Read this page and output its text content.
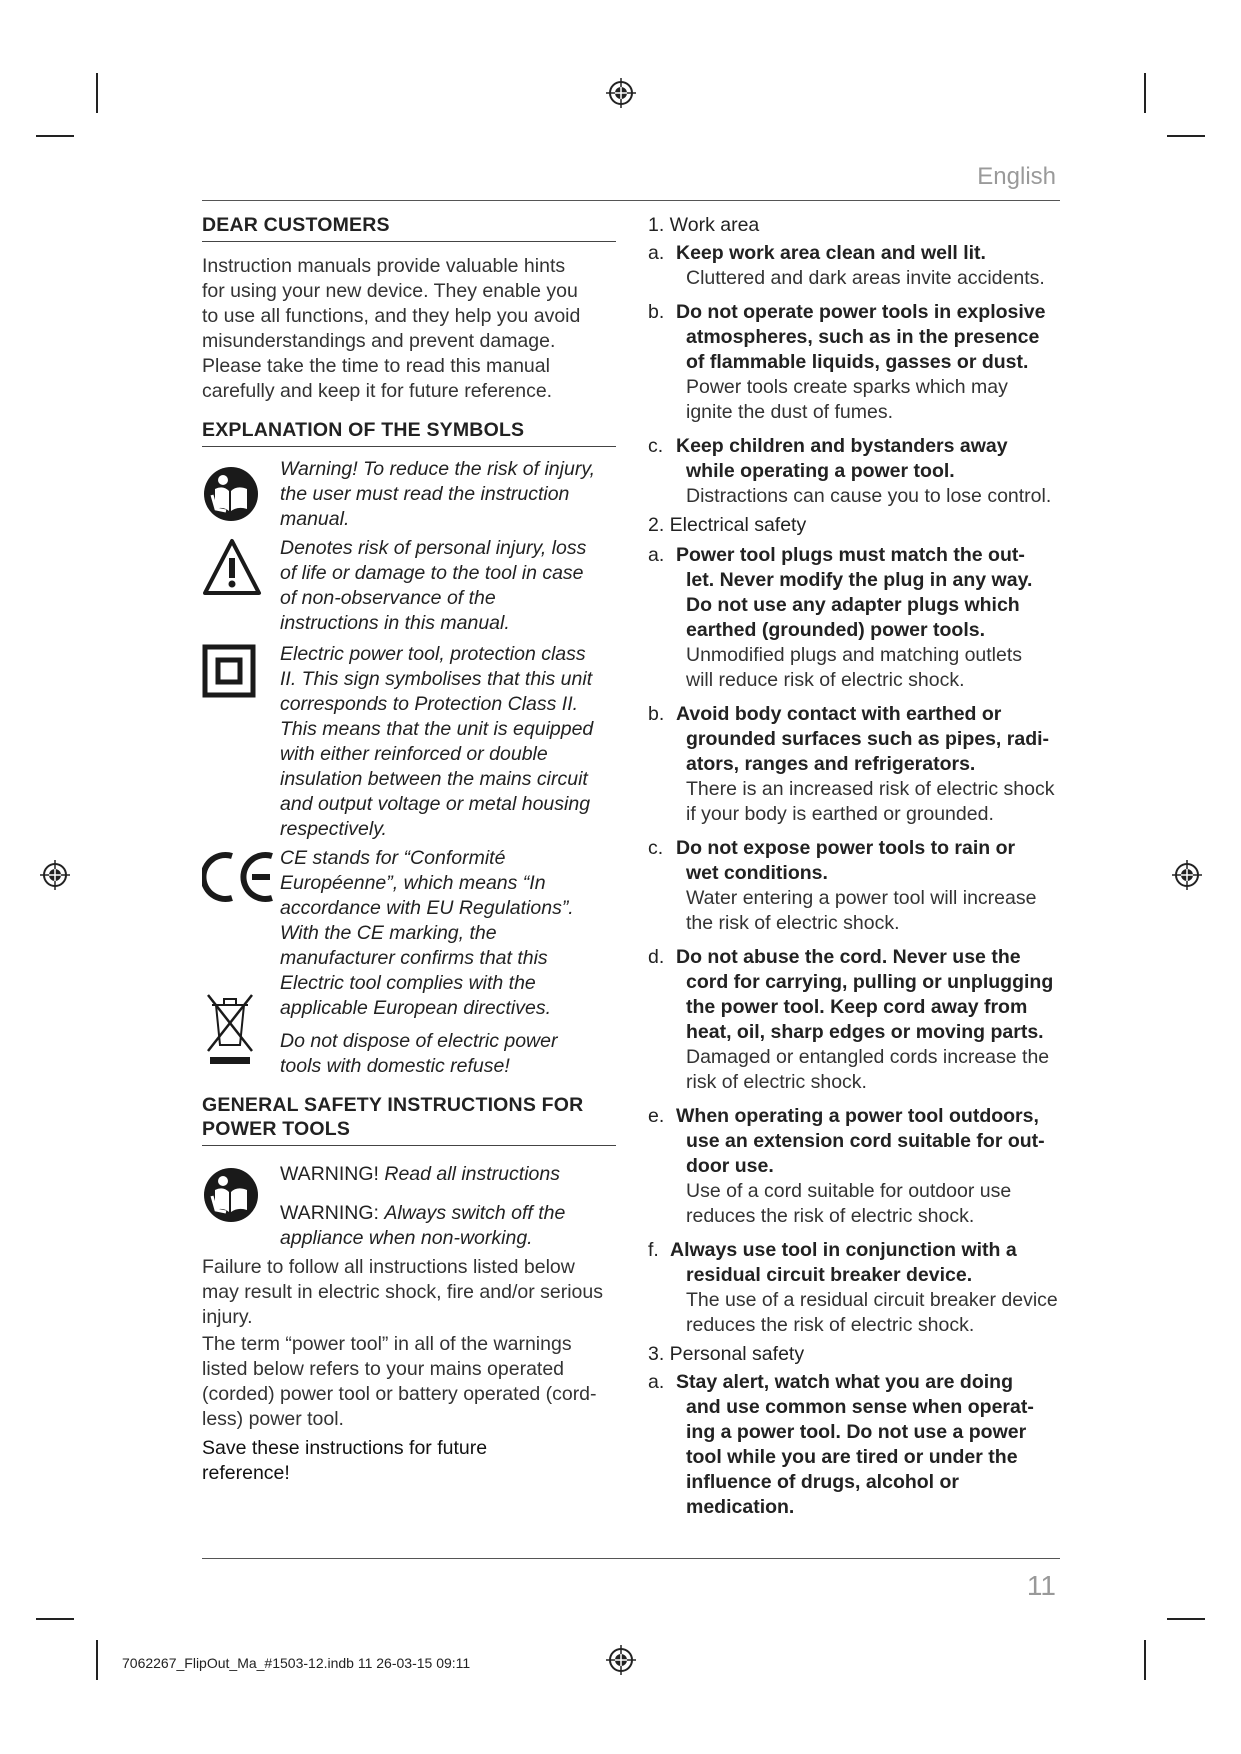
English
DEAR CUSTOMERS

Instruction manuals provide valuable hints
for using your new device. They enable you
to use all functions, and they help you avoid
misunderstandings and prevent damage.
Please take the time to read this manual
carefully and keep it for future reference.

EXPLANATION OF THE SYMBOLS
Warning! To reduce the risk of injury,
the user must read the instruction
manual.
Denotes risk of personal injury, loss
of life or damage to the tool in case
of non-observance of the
instructions in this manual.
Electric power tool, protection class
II. This sign symbolises that this unit
corresponds to Protection Class II.
This means that the unit is equipped
with either reinforced or double
insulation between the mains circuit
and output voltage or metal housing
respectively.
CE stands for “Conformité
Européenne”, which means “In
accordance with EU Regulations”.
With the CE marking, the
manufacturer confirms that this
Electric tool complies with the
applicable European directives.
Do not dispose of electric power
tools with domestic refuse!
GENERAL SAFETY INSTRUCTIONS FOR
POWER TOOLS
WARNING! Read all instructions
WARNING: Always switch off the
appliance when non-working.

Failure to follow all instructions listed below
may result in electric shock, fire and/or serious
injury.

The term “power tool” in all of the warnings
listed below refers to your mains operated
(corded) power tool or battery operated (cord-
less) power tool.

Save these instructions for future
reference!

1. Work area

a. Keep work area clean and well lit.
Cluttered and dark areas invite accidents.
b. Do not operate power tools in explosive
atmospheres, such as in the presence
of flammable liquids, gasses or dust.
Power tools create sparks which may
ignite the dust of fumes.
c. Keep children and bystanders away
while operating a power tool.
Distractions can cause you to lose control.

2. Electrical safety

a. Power tool plugs must match the out-
let. Never modify the plug in any way.
Do not use any adapter plugs which
earthed (grounded) power tools.
Unmodified plugs and matching outlets
will reduce risk of electric shock.
b. Avoid body contact with earthed or
grounded surfaces such as pipes, radi-
ators, ranges and refrigerators.
There is an increased risk of electric shock
if your body is earthed or grounded.
c. Do not expose power tools to rain or
wet conditions.
Water entering a power tool will increase
the risk of electric shock.
d. Do not abuse the cord. Never use the
cord for carrying, pulling or unplugging
the power tool. Keep cord away from
heat, oil, sharp edges or moving parts.
Damaged or entangled cords increase the
risk of electric shock.
e. When operating a power tool outdoors,
use an extension cord suitable for out-
door use.
Use of a cord suitable for outdoor use
reduces the risk of electric shock.
f. Always use tool in conjunction with a
residual circuit breaker device.
The use of a residual circuit breaker device
reduces the risk of electric shock.

3. Personal safety

a. Stay alert, watch what you are doing
and use common sense when operat-
ing a power tool. Do not use a power
tool while you are tired or under the
influence of drugs, alcohol or
medication.
11
7062267_FlipOut_Ma_#1503-12.indb 11 26-03-15 09:11
